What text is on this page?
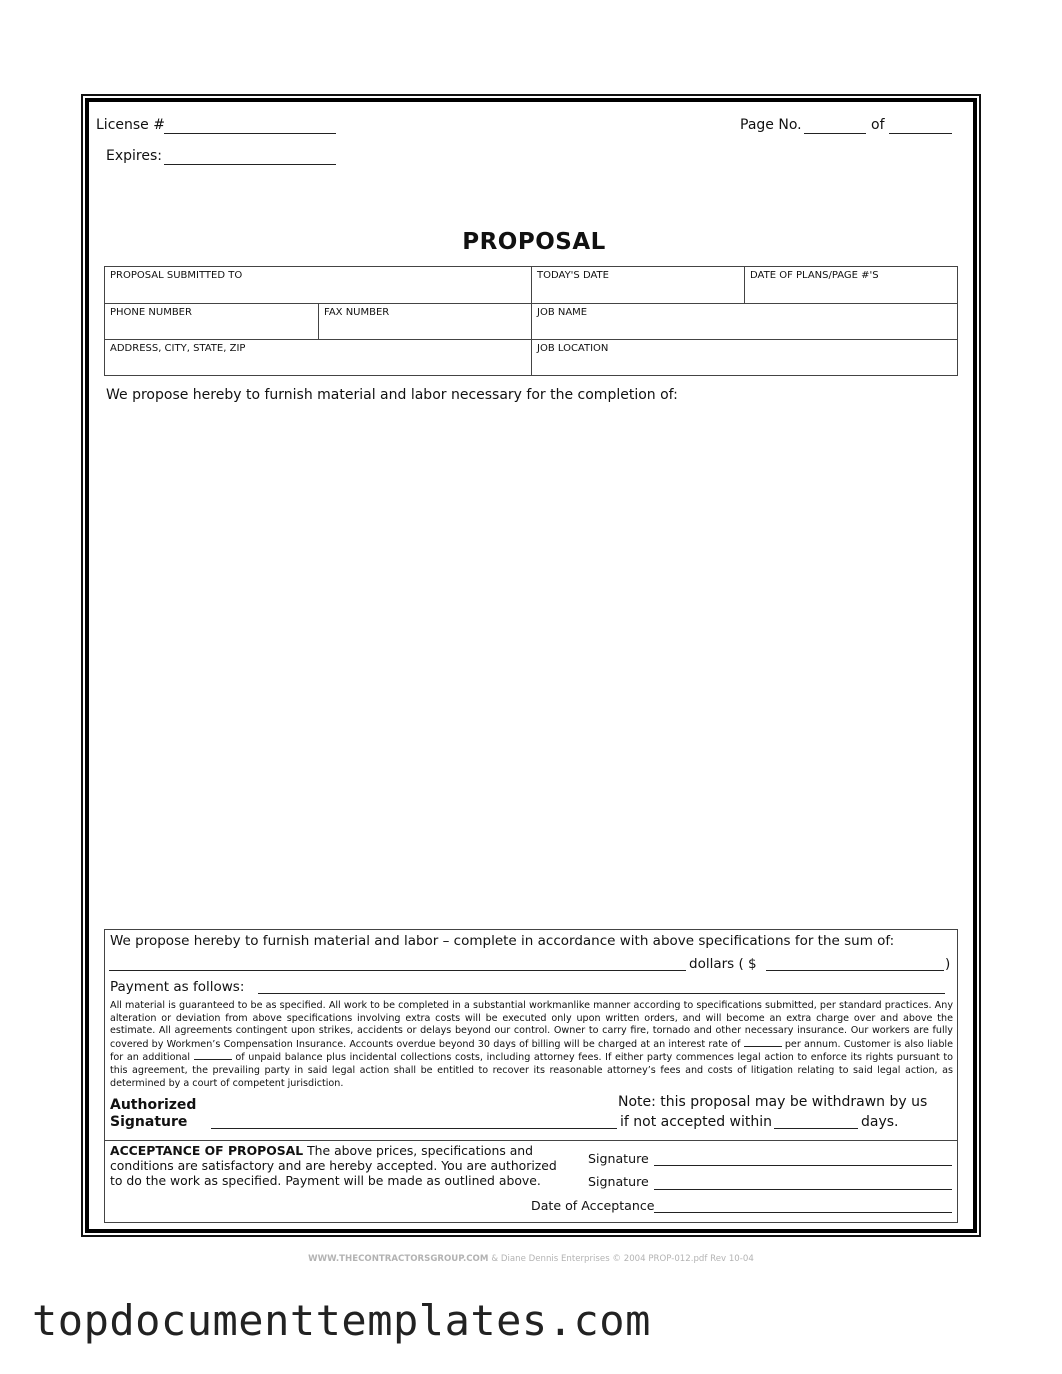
License #
Expires:
Page No.	of
PROPOSAL
PROPOSAL SUBMITTED TO	TODAY'S DATE	DATE OF PLANS/PAGE #'S
PHONE NUMBER	FAX NUMBER	JOB NAME
ADDRESS, CITY, STATE, ZIP	JOB LOCATION
We propose hereby to furnish material and labor necessary for the completion of:
We propose hereby to furnish material and labor – complete in accordance with above specifications for the sum of:
dollars ( $	)
Payment as follows:
All material is guaranteed to be as specified. All work to be completed in a substantial workmanlike manner according to specifications submitted, per standard practices. Any alteration or deviation from above specifications involving extra costs will be executed only upon written orders, and will become an extra charge over and above the estimate. All agreements contingent upon strikes, accidents or delays beyond our control. Owner to carry fire, tornado and other necessary insurance. Our workers are fully covered by Workmen’s Compensation Insurance. Accounts overdue beyond 30 days of billing will be charged at an interest rate of	per annum. Customer is also liable for an additional	of unpaid balance plus incidental collections costs, including attorney fees. If either party commences legal action to enforce its rights pursuant to this agreement, the prevailing party in said legal action shall be entitled to recover its reasonable attorney’s fees and costs of litigation relating to said legal action, as determined by a court of competent jurisdiction.
Authorized
Signature
Note: this proposal may be withdrawn by us
if not accepted within	days.
ACCEPTANCE OF PROPOSAL The above prices, specifications and conditions are satisfactory and are hereby accepted. You are authorized to do the work as specified. Payment will be made as outlined above.
Signature
Signature
Date of Acceptance
WWW.THECONTRACTORSGROUP.COM & Diane Dennis Enterprises © 2004 PROP-012.pdf Rev 10-04
topdocumenttemplates.com
